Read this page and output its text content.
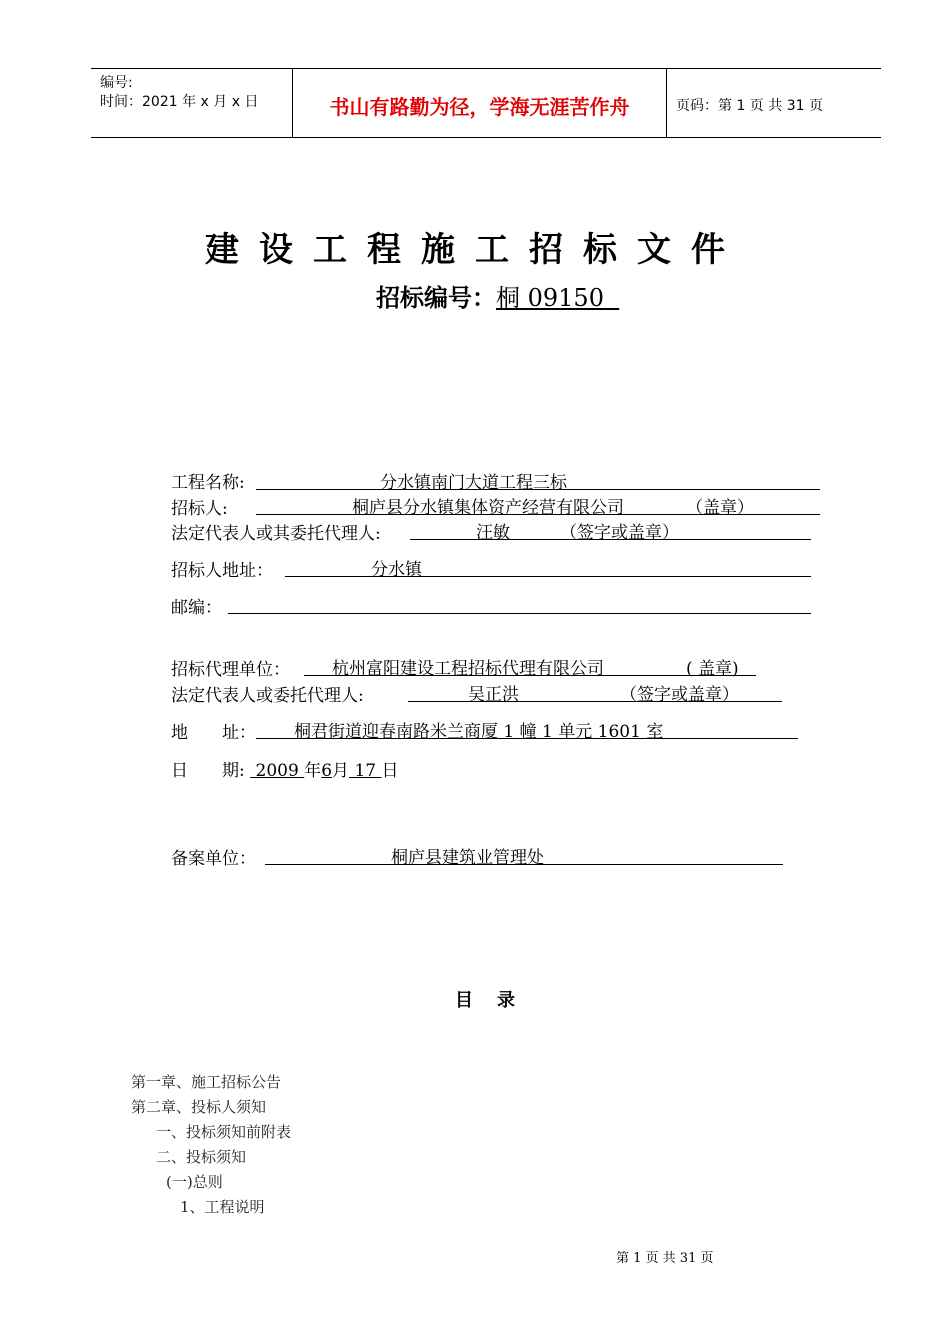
编号:
时间：2021 年 x 月 x 日	书山有路勤为径，学海无涯苦作舟	页码：第 1 页 共 31 页
建设工程施工招标文件
招标编号：桐 09150
工程名称:	分水镇南门大道工程三标
招标人:	桐庐县分水镇集体资产经营有限公司	（盖章）
法定代表人或其委托代理人:	汪敏	（签字或盖章）
招标人地址：	分水镇
邮编：
招标代理单位： 杭州富阳建设工程招标代理有限公司	( 盖章)
法定代表人或委托代理人:	吴正洪	（签字或盖章）
地　　址： 桐君街道迎春南路米兰商厦 1 幢 1 单元 1601 室
日　　期: 2009 年6月 17 日
备案单位：	桐庐县建筑业管理处
目录
第一章、施工招标公告
第二章、投标人须知
一、投标须知前附表
二、投标须知
(一)总则
1、工程说明
第 1 页 共 31 页
